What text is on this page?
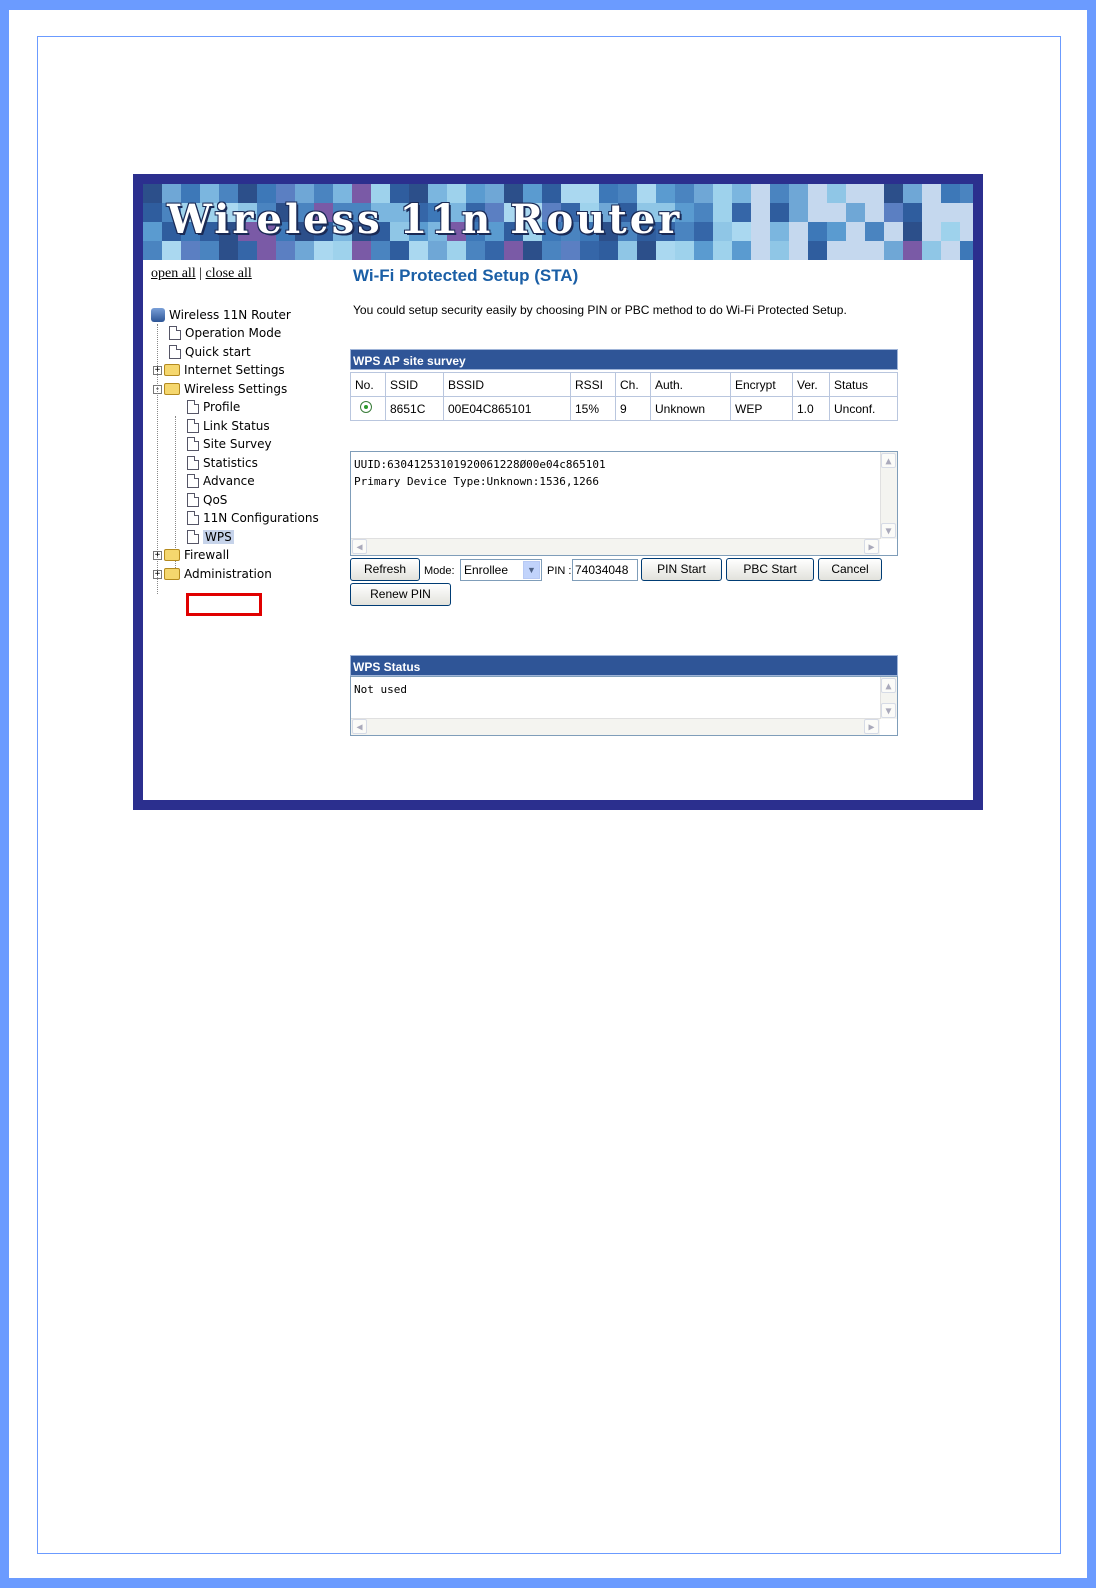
Wireless 11n Router
open all | close all
Wireless 11N Router
Operation Mode
Quick start
+ Internet Settings
- Wireless Settings
Profile
Link Status
Site Survey
Statistics
Advance
QoS
11N Configurations
WPS
+ Firewall
+ Administration
Wi-Fi Protected Setup (STA)
You could setup security easily by choosing PIN or PBC method to do Wi-Fi Protected Setup.
WPS AP site survey
No.	SSID	BSSID	RSSI	Ch.	Auth.	Encrypt	Ver.	Status
	8651C	00E04C865101	15%	9	Unknown	WEP	1.0	Unconf.
UUID:63041253101920061228Ø00e04c865101
Primary Device Type:Unknown:1536,1266
▲
▼
◀	▶
Refresh	Mode: Enrollee	▼	PIN : 74034048	PIN Start	PBC Start	Cancel
Renew PIN
WPS Status
Not used	▲
▼
◀	▶
